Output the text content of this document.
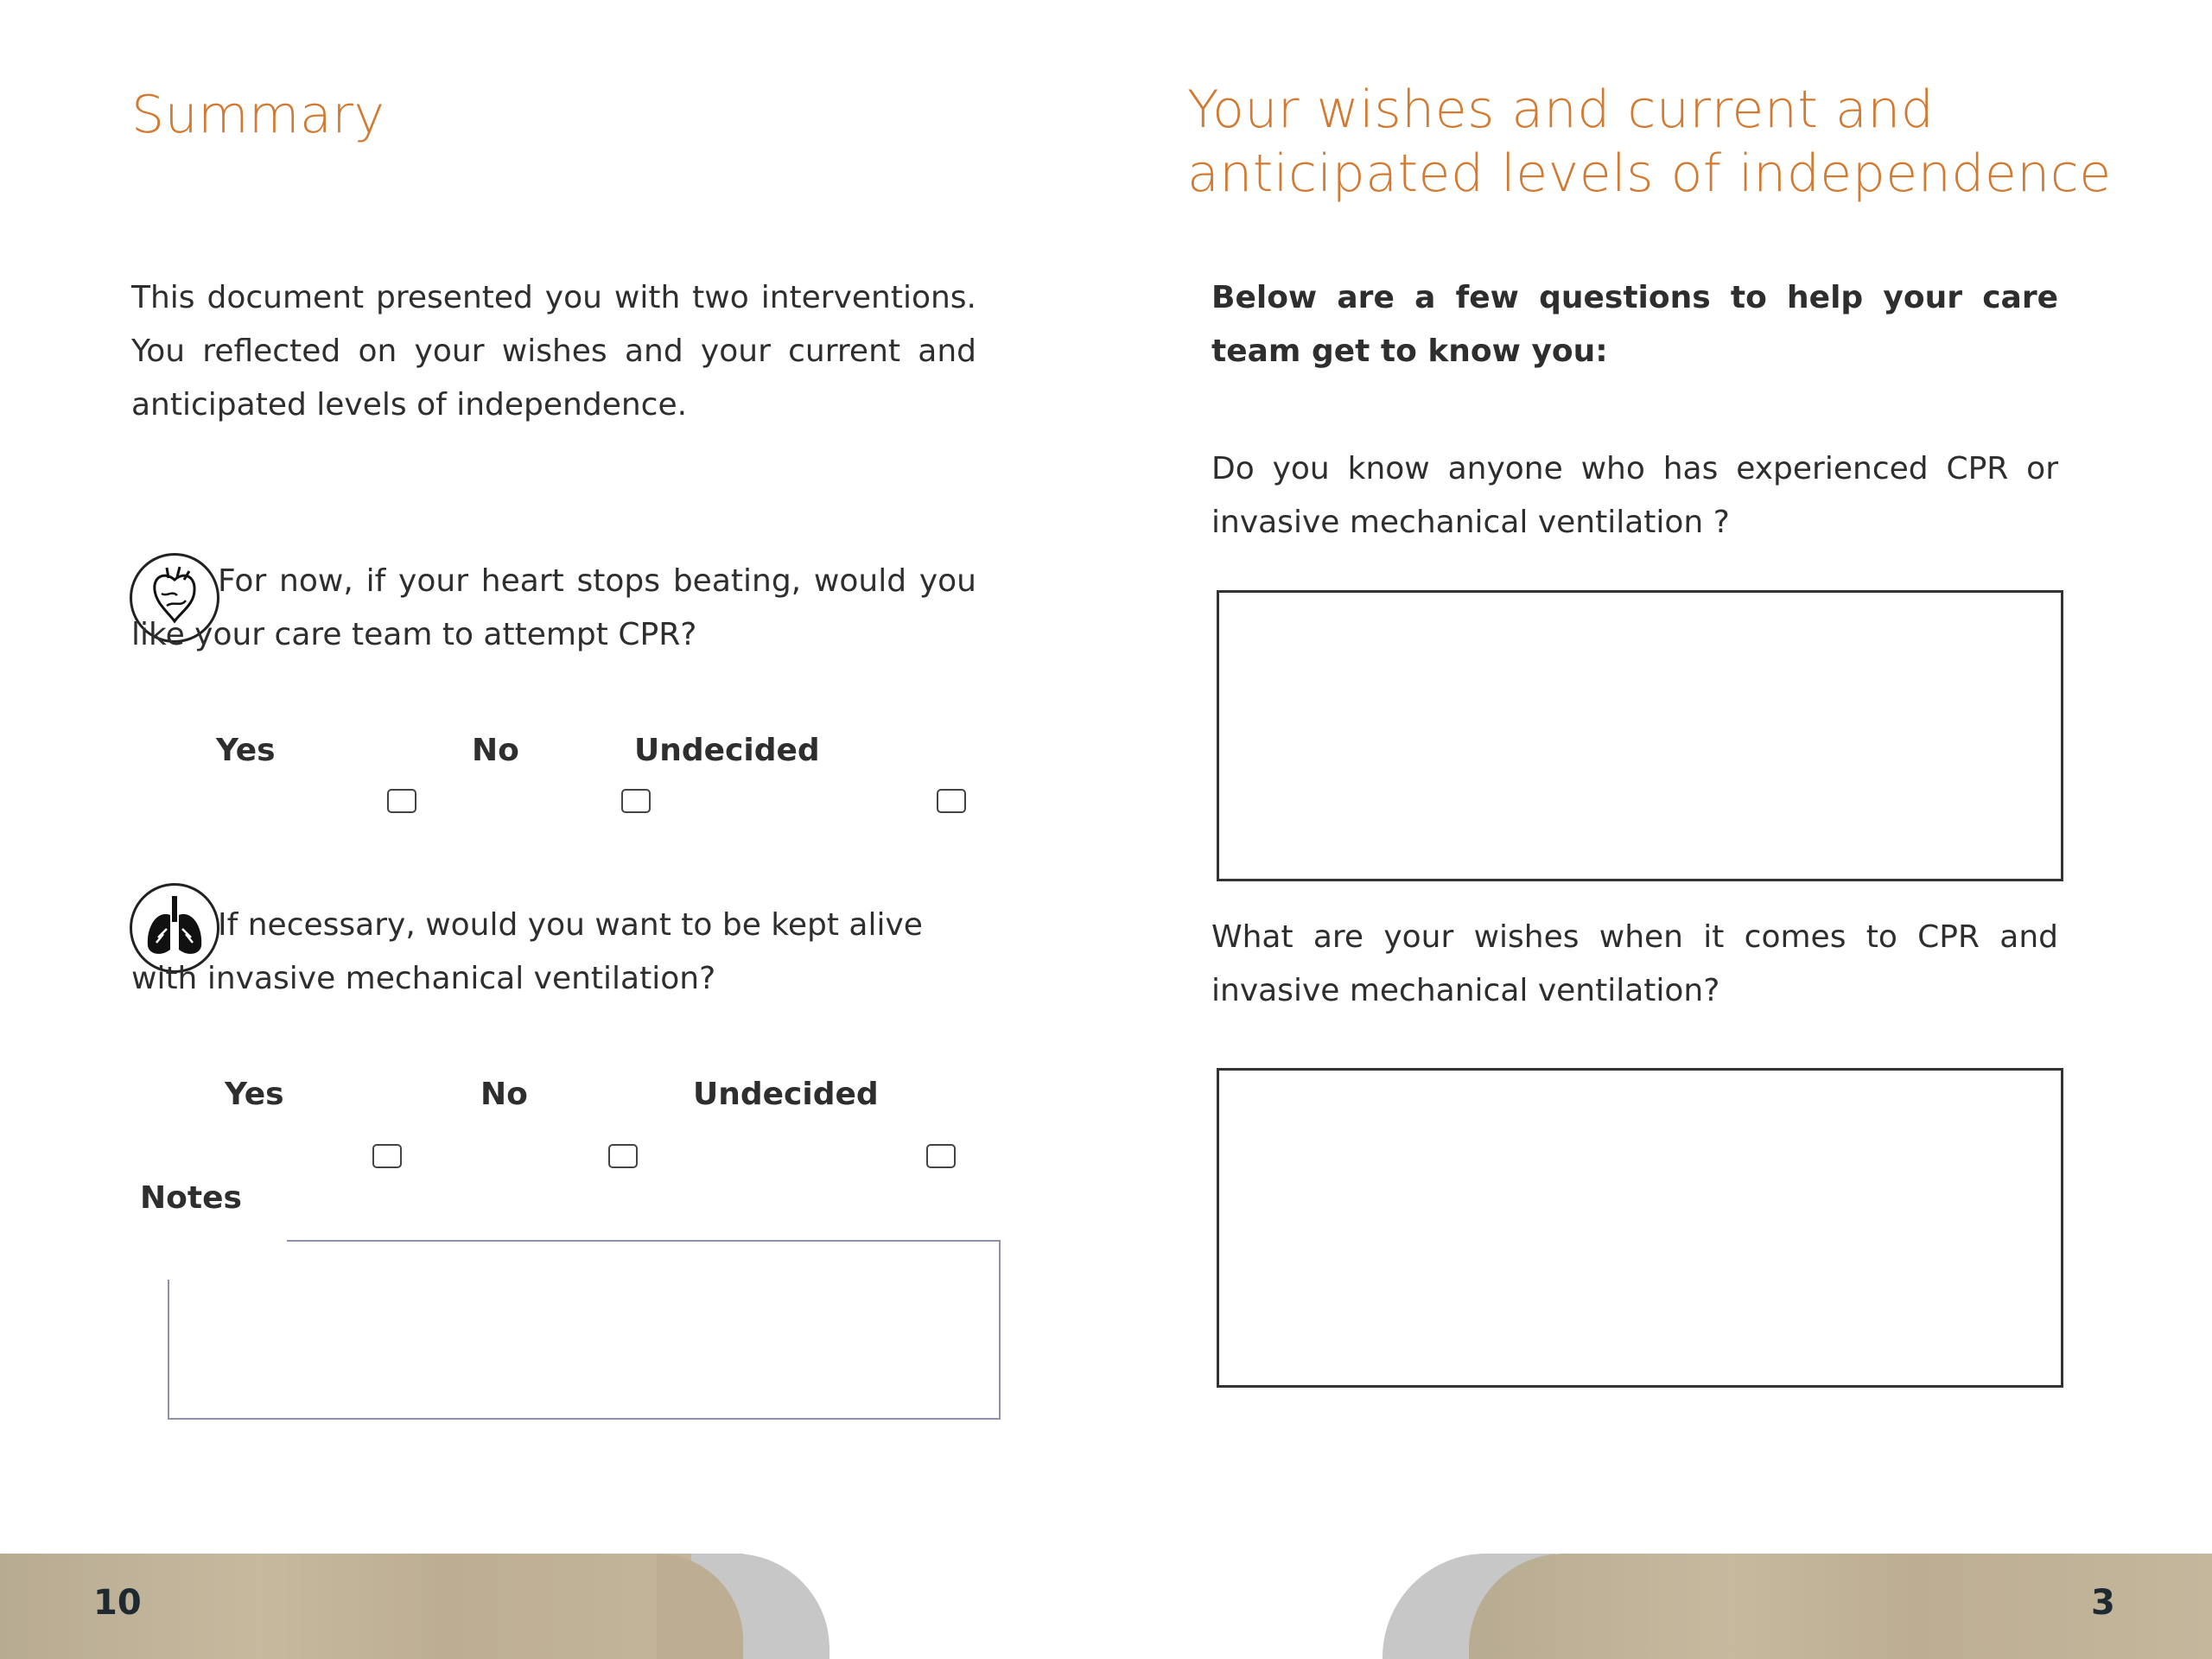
Summary

This document presented you with two interventions. You reflected on your wishes and your current and anticipated levels of independence.

For now, if your heart stops beating, would you like your care team to attempt CPR?

Yes	No	Undecided

If necessary, would you want to be kept alive with invasive mechanical ventilation?

Yes	No	Undecided
Notes
10
Your wishes and current and
anticipated levels of independence

Below are a few questions to help your care team get to know you:

Do you know anyone who has experienced CPR or invasive mechanical ventilation ?

What are your wishes when it comes to CPR and invasive mechanical ventilation?

3
